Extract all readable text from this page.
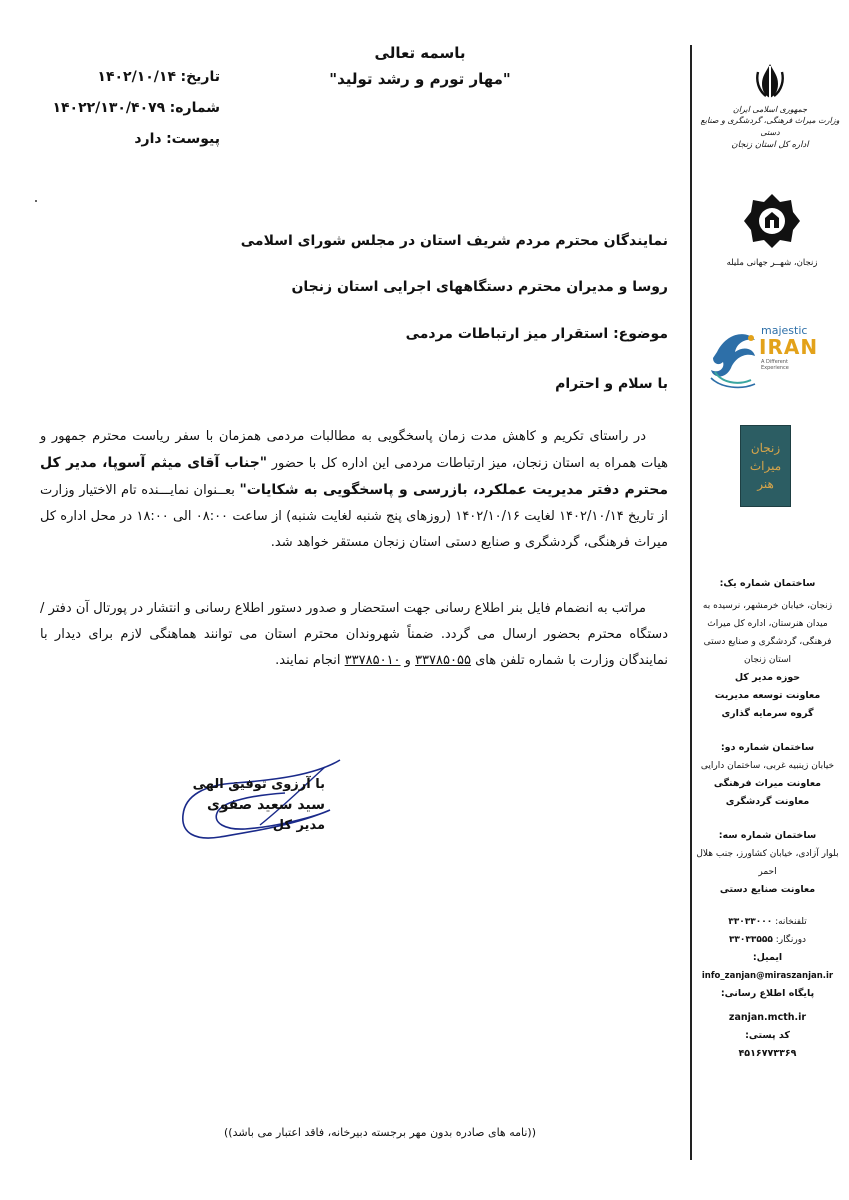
باسمه تعالی
"مهار تورم و رشد تولید"
تاریخ: ۱۴۰۲/۱۰/۱۴
شماره: ۱۴۰۲۲/۱۳۰/۴۰۷۹
پیوست: دارد
نمایندگان محترم مردم شریف استان در مجلس شورای اسلامی
روسا و مدیران محترم دستگاههای اجرایی استان زنجان
موضوع: استقرار میز ارتباطات مردمی
با سلام و احترام
در راستای تکریم و کاهش مدت زمان پاسخگویی به مطالبات مردمی همزمان با سفر ریاست محترم جمهور و هیات همراه به استان زنجان، میز ارتباطات مردمی این اداره کل با حضور "جناب آقای میثم آسوپا، مدیر کل محترم دفتر مدیریت عملکرد، بازرسی و پاسخگویی به شکایات" بعــنوان نمایـــنده تام الاختیار وزارت از تاریخ ۱۴۰۲/۱۰/۱۴ لغایت ۱۴۰۲/۱۰/۱۶ (روزهای پنج شنبه لغایت شنبه) از ساعت ۰۸:۰۰ الی ۱۸:۰۰ در محل اداره کل میراث فرهنگی، گردشگری و صنایع دستی استان زنجان مستقر خواهد شد.
مراتب به انضمام فایل بنر اطلاع رسانی جهت استحضار و صدور دستور اطلاع رسانی و انتشار در پورتال آن دفتر /دستگاه محترم بحضور ارسال می گردد. ضمناً شهروندان محترم استان می توانند هماهنگی لازم برای دیدار با نمایندگان وزارت با شماره تلفن های ۳۳۷۸۵۰۵۵ و ۳۳۷۸۵۰۱۰ انجام نمایند.
با آرزوی توفیق الهی
سید سعید صفوی
مدیر کل
((نامه های صادره بدون مهر برجسته دبیرخانه، فاقد اعتبار می باشد))
جمهوری اسلامی ایران
وزارت میراث فرهنگی، گردشگری و صنایع دستی
اداره کل استان زنجان
زنجان، شهــر جهانی ملیله
majestic
IRAN
A Different Experience
زنجان میراث هنر
ساختمان شماره یک:
زنجان، خیابان خرمشهر، نرسیده به میدان هنرستان، اداره کل میراث فرهنگی، گردشگری و صنایع دستی استان زنجان
حوزه مدیر کل
معاونت توسعه مدیریت
گروه سرمایه گذاری
ساختمان شماره دو:
خیابان زینبیه غربی، ساختمان دارایی
معاونت میراث فرهنگی
معاونت گردشگری
ساختمان شماره سه:
بلوار آزادی، خیابان کشاورز، جنب هلال احمر
معاونت صنایع دستی
تلفنخانه: ۳۳۰۳۳۰۰۰
دورنگار: ۳۳۰۳۳۵۵۵
ایمیل:
info_zanjan@miraszanjan.ir
پایگاه اطلاع رسانی:
zanjan.mcth.ir
کد پستی:
۴۵۱۶۷۷۳۳۶۹
